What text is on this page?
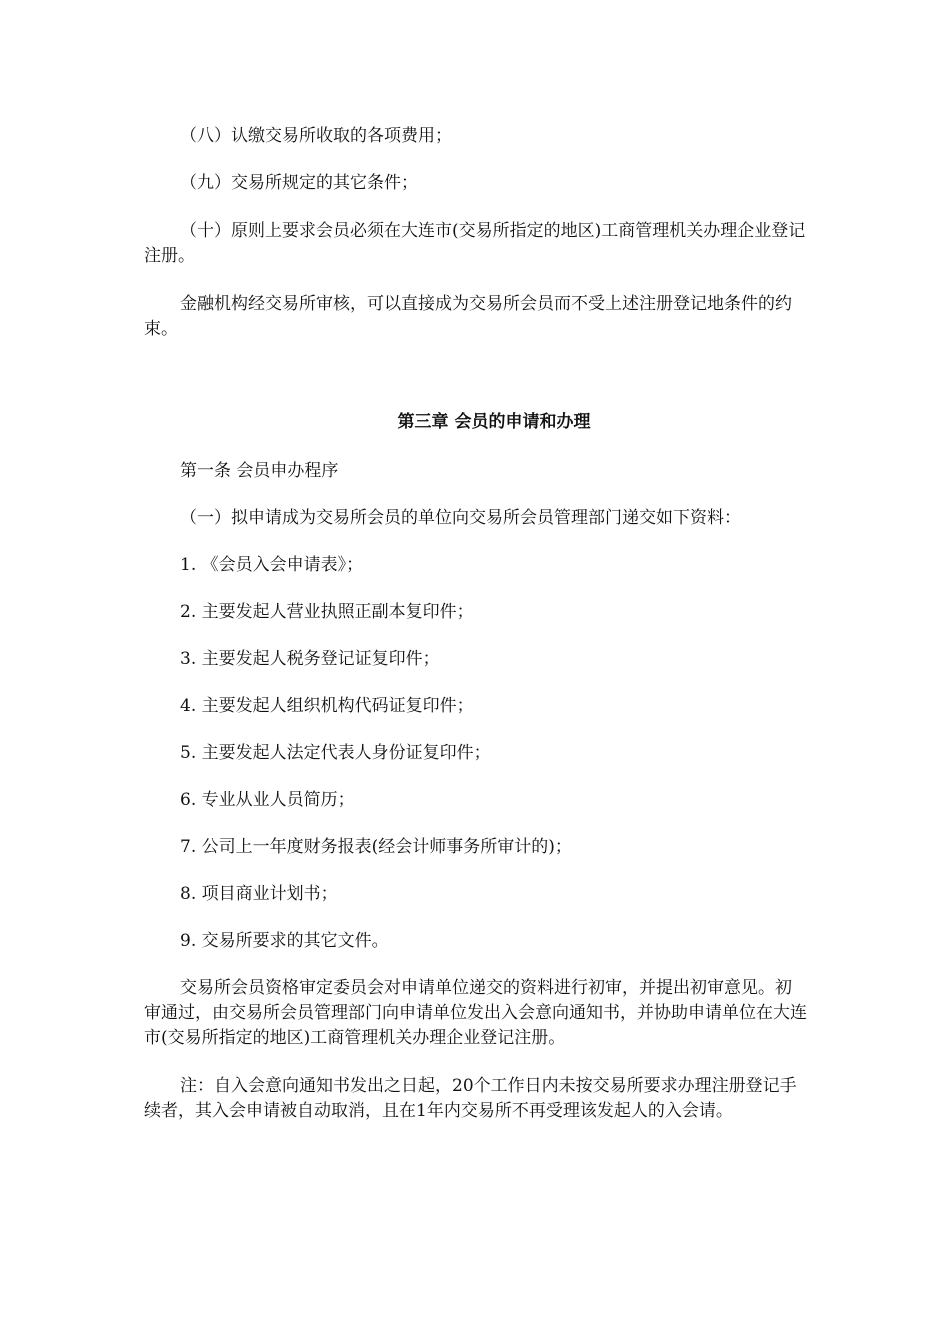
（八）认缴交易所收取的各项费用；

（九）交易所规定的其它条件；

（十）原则上要求会员必须在大连市(交易所指定的地区)工商管理机关办理企业登记注册。

金融机构经交易所审核，可以直接成为交易所会员而不受上述注册登记地条件的约束。

第三章 会员的申请和办理

第一条 会员申办程序

（一）拟申请成为交易所会员的单位向交易所会员管理部门递交如下资料：

1. 《会员入会申请表》；

2. 主要发起人营业执照正副本复印件；

3. 主要发起人税务登记证复印件；

4. 主要发起人组织机构代码证复印件；

5. 主要发起人法定代表人身份证复印件；

6. 专业从业人员简历；

7. 公司上一年度财务报表(经会计师事务所审计的)；

8. 项目商业计划书；

9. 交易所要求的其它文件。

交易所会员资格审定委员会对申请单位递交的资料进行初审，并提出初审意见。初审通过，由交易所会员管理部门向申请单位发出入会意向通知书，并协助申请单位在大连市(交易所指定的地区)工商管理机关办理企业登记注册。

注：自入会意向通知书发出之日起，20个工作日内未按交易所要求办理注册登记手续者，其入会申请被自动取消，且在1年内交易所不再受理该发起人的入会请。
